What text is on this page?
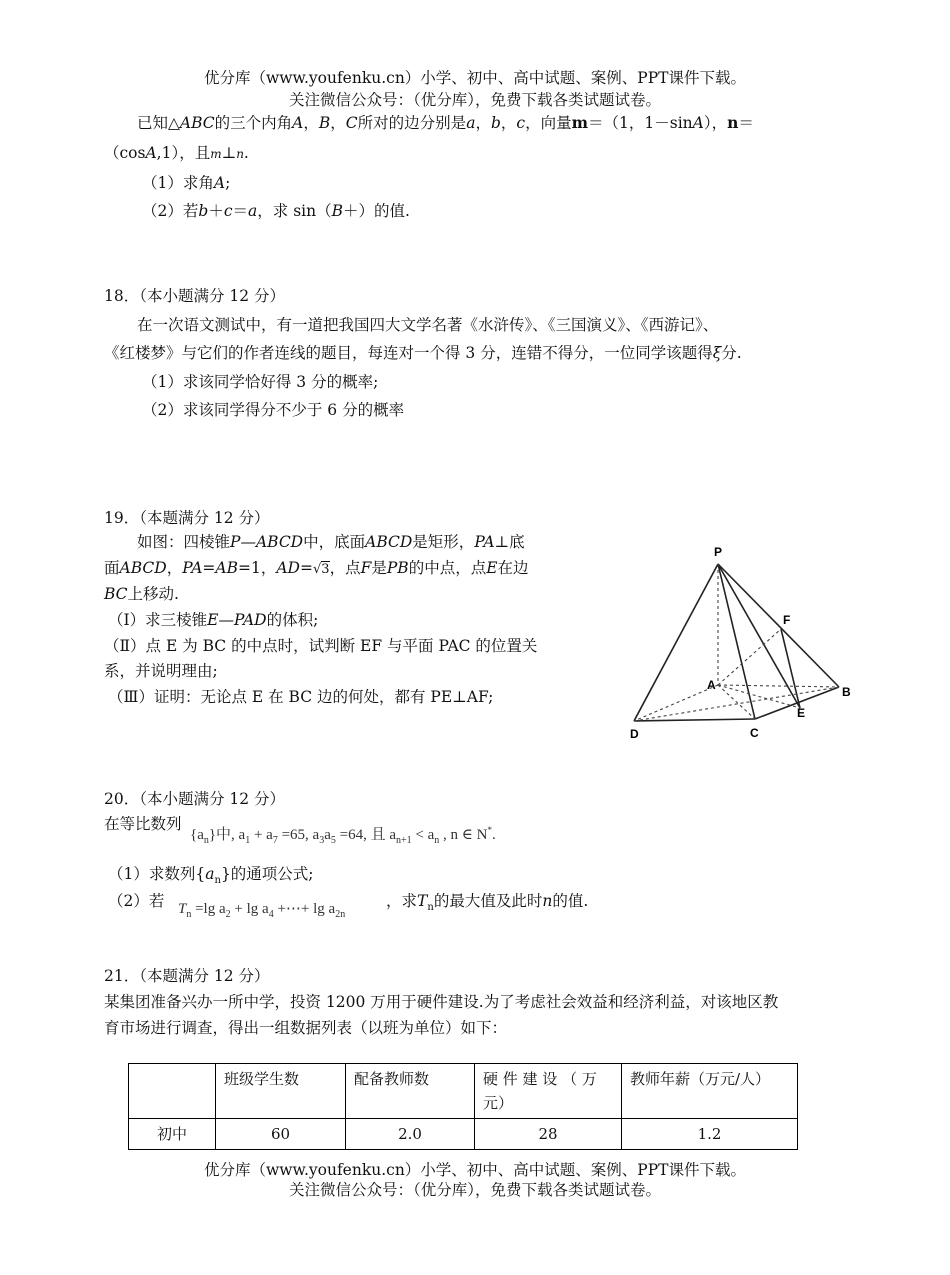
优分库（www.youfenku.cn）小学、初中、高中试题、案例、PPT课件下载。
关注微信公众号：（优分库），免费下载各类试题试卷。
已知△ABC的三个内角A，B，C所对的边分别是a，b，c，向量m＝（1，1－sinA），n＝
（cosA,1），且m⊥n.
（1）求角A;
（2）若b＋c＝a，求 sin（B＋）的值.
18．（本小题满分 12 分）
在一次语文测试中，有一道把我国四大文学名著《水浒传》、《三国演义》、《西游记》、
《红楼梦》与它们的作者连线的题目，每连对一个得 3 分，连错不得分，一位同学该题得ξ分.
（1）求该同学恰好得 3 分的概率;
（2）求该同学得分不少于 6 分的概率
19．（本题满分 12 分）
如图：四棱锥P—ABCD中，底面ABCD是矩形，PA⊥底
面ABCD，PA=AB=1，AD=√3，点F是PB的中点，点E在边
BC上移动.
（Ⅰ）求三棱锥E—PAD的体积;
（Ⅱ）点 E 为 BC 的中点时，试判断 EF 与平面 PAC 的位置关
系，并说明理由;
（Ⅲ）证明：无论点 E 在 BC 边的何处，都有 PE⊥AF;
P
F
A	B
E
D	C
20．（本小题满分 12 分）
在等比数列
$\{a_n\}$中, $a_1 + a_7 =65$, $a_3a_5 =64$, 且 $a_{n+1} < a_n$ , n ∈ N*.
（1）求数列$\{a_n\}$的通项公式;
（2）若 $T_n =\lg$ $a_2 + \lg a_4$ +⋯+ $\lg a_{2n}$
，求$T_n$的最大值及此时n的值.
21．（本题满分 12 分）
某集团准备兴办一所中学，投资 1200 万用于硬件建设.为了考虑社会效益和经济利益，对该地区教
育市场进行调查，得出一组数据列表（以班为单位）如下：
	班级学生数	配备教师数	硬 件 建 设 （ 万
元）	教师年薪（万元/人）
初中	60	2.0	28	1.2
优分库（www.youfenku.cn）小学、初中、高中试题、案例、PPT课件下载。
关注微信公众号：（优分库），免费下载各类试题试卷。
